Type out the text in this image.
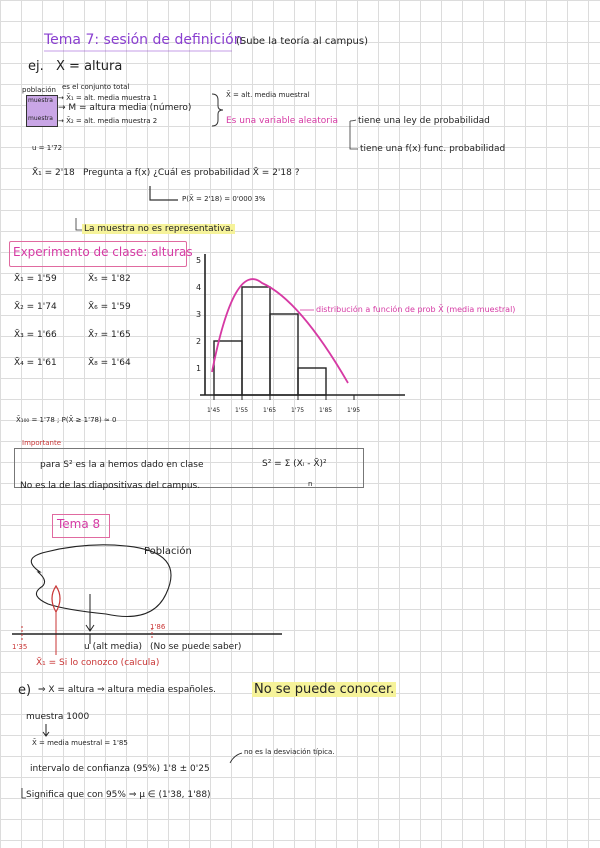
Tema 7: sesión de definición
(Sube la teoría al campus)
ej. X = altura
población es el conjunto total
muestra
muestra
→ X̄₁ = alt. media muestra 1
→ M = altura media (número)
→ X̄₂ = alt. media muestra 2
X̄ = alt. media muestral
Es una variable aleatoria tiene una ley de probabilidad
tiene una f(x) func. probabilidad
u = 1'72
X̄₁ = 2'18 Pregunta a f(x) ¿Cuál es probabilidad X̄ = 2'18 ?
P(X̄ = 2'18) = 0'000 3%
La muestra no es representativa.
Experimento de clase: alturas
X̄₁ = 1'59	X̄₅ = 1'82
X̄₂ = 1'74	X̄₆ = 1'59
X̄₃ = 1'66	X̄₇ = 1'65
X̄₄ = 1'61	X̄₈ = 1'64
X̄₁₀₀ = 1'78 ; P(X̄ ≥ 1'78) ≈ 0
distribución a función de prob X̄ (media muestral)
Importante
para S² es la a hemos dado en clase	S² = Σ (Xᵢ - X̄)²
n
No es la de las diapositivas del campus.
Tema 8
Población
1'35
1'86
u (alt media) (No se puede saber)
X̄₁ = Si lo conozco (calcula)
e) ⇒ X = altura ⇒ altura media españoles.	No se puede conocer.
muestra 1000
X̄ = media muestral = 1'85
no es la desviación típica.
intervalo de confianza (95%) 1'8 ± 0'25
Significa que con 95% ⇒ μ ∈ (1'38, 1'88)
1
2
3
4
5
1'45 1'55 1'65 1'75 1'85 1'95
